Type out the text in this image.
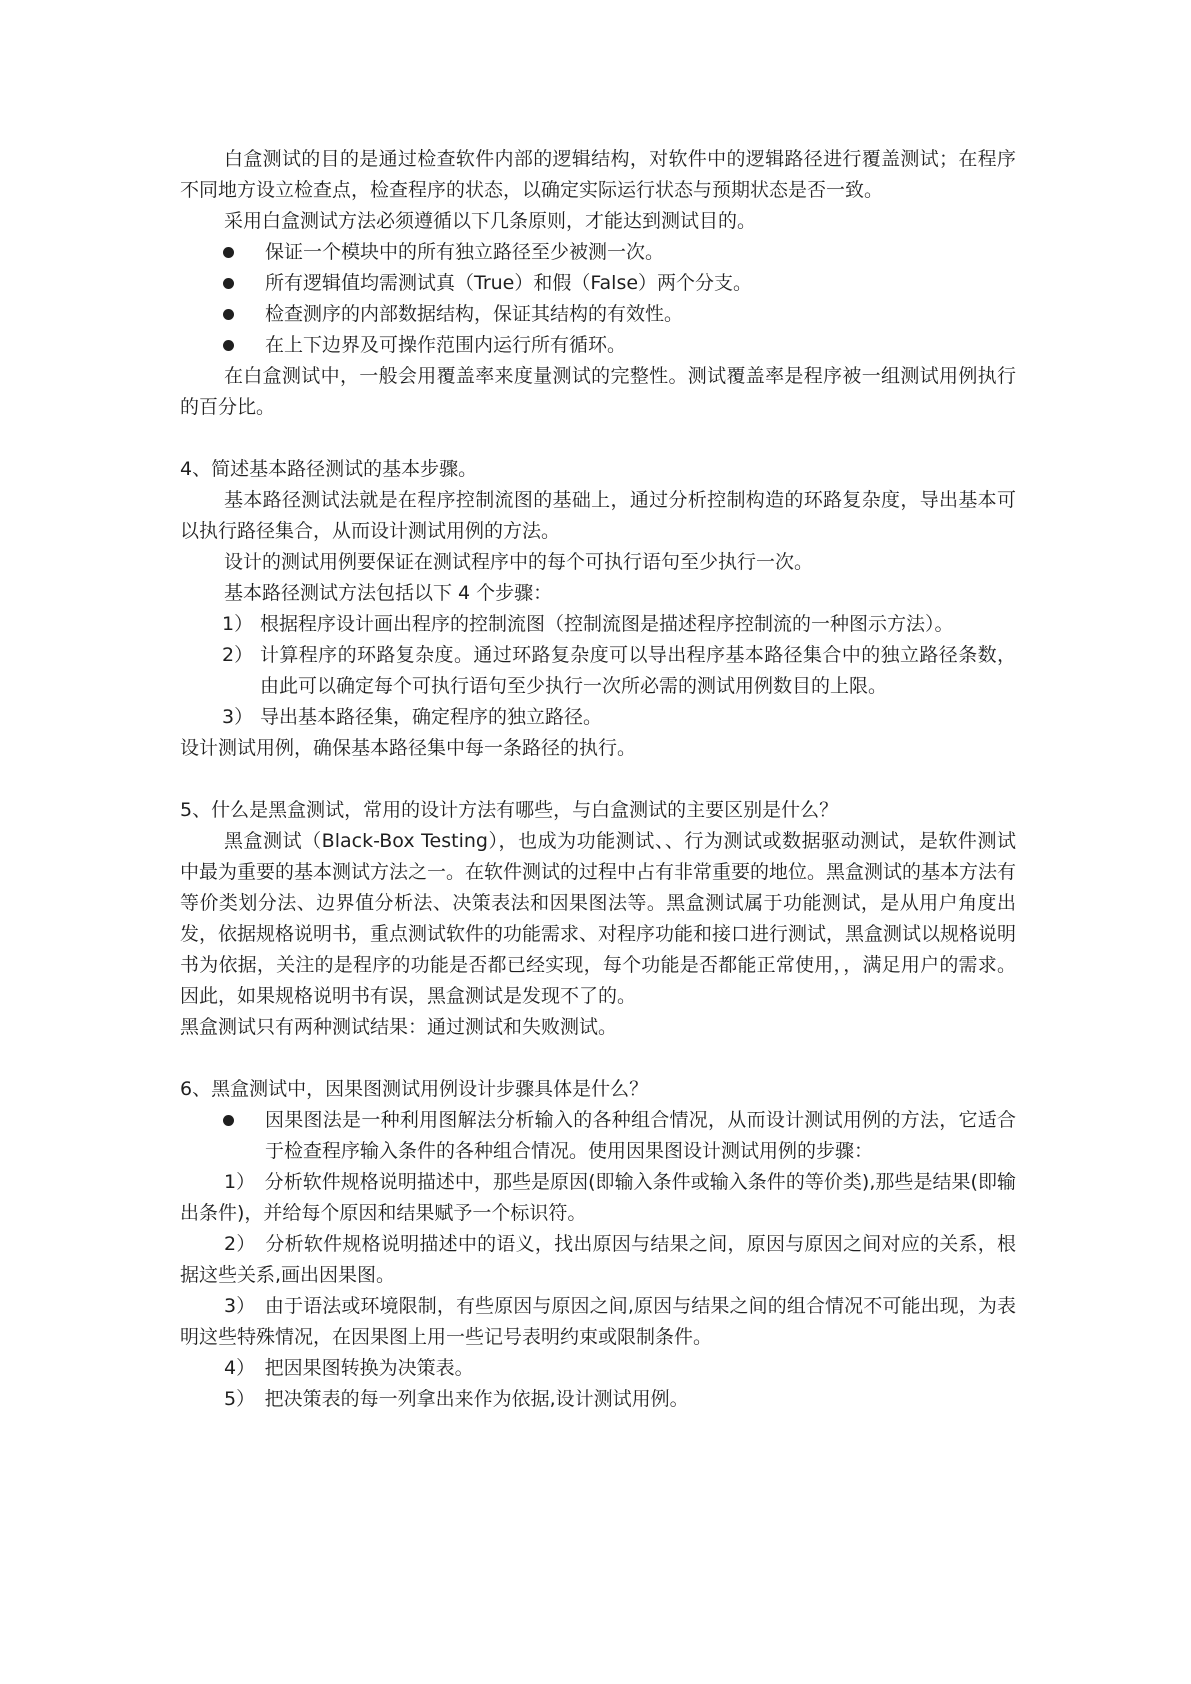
白盒测试的目的是通过检查软件内部的逻辑结构，对软件中的逻辑路径进行覆盖测试；在程序不同地方设立检查点，检查程序的状态，以确定实际运行状态与预期状态是否一致。

采用白盒测试方法必须遵循以下几条原则，才能达到测试目的。

保证一个模块中的所有独立路径至少被测一次。
所有逻辑值均需测试真（True）和假（False）两个分支。
检查测序的内部数据结构，保证其结构的有效性。
在上下边界及可操作范围内运行所有循环。

在白盒测试中，一般会用覆盖率来度量测试的完整性。测试覆盖率是程序被一组测试用例执行的百分比。

4、简述基本路径测试的基本步骤。

基本路径测试法就是在程序控制流图的基础上，通过分析控制构造的环路复杂度，导出基本可以执行路径集合，从而设计测试用例的方法。

设计的测试用例要保证在测试程序中的每个可执行语句至少执行一次。

基本路径测试方法包括以下 4 个步骤：

1） 根据程序设计画出程序的控制流图（控制流图是描述程序控制流的一种图示方法）。
2） 计算程序的环路复杂度。通过环路复杂度可以导出程序基本路径集合中的独立路径条数，由此可以确定每个可执行语句至少执行一次所必需的测试用例数目的上限。
3） 导出基本路径集，确定程序的独立路径。

设计测试用例，确保基本路径集中每一条路径的执行。

5、什么是黑盒测试，常用的设计方法有哪些，与白盒测试的主要区别是什么？

黑盒测试（Black-Box Testing），也成为功能测试、、行为测试或数据驱动测试，是软件测试中最为重要的基本测试方法之一。在软件测试的过程中占有非常重要的地位。黑盒测试的基本方法有等价类划分法、边界值分析法、决策表法和因果图法等。黑盒测试属于功能测试，是从用户角度出发，依据规格说明书，重点测试软件的功能需求、对程序功能和接口进行测试，黑盒测试以规格说明书为依据，关注的是程序的功能是否都已经实现，每个功能是否都能正常使用，，满足用户的需求。因此，如果规格说明书有误，黑盒测试是发现不了的。

黑盒测试只有两种测试结果：通过测试和失败测试。

6、黑盒测试中，因果图测试用例设计步骤具体是什么？

因果图法是一种利用图解法分析输入的各种组合情况，从而设计测试用例的方法，它适合于检查程序输入条件的各种组合情况。使用因果图设计测试用例的步骤：

1）　分析软件规格说明描述中，那些是原因(即输入条件或输入条件的等价类),那些是结果(即输出条件)，并给每个原因和结果赋予一个标识符。

2）　分析软件规格说明描述中的语义，找出原因与结果之间，原因与原因之间对应的关系，根据这些关系,画出因果图。

3）　由于语法或环境限制，有些原因与原因之间,原因与结果之间的组合情况不可能出现，为表明这些特殊情况，在因果图上用一些记号表明约束或限制条件。

4）　把因果图转换为决策表。

5）　把决策表的每一列拿出来作为依据,设计测试用例。
